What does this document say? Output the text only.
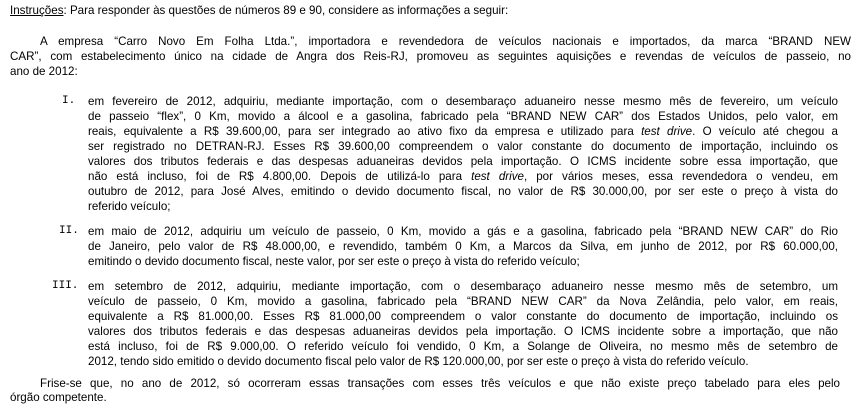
Instruções: Para responder às questões de números 89 e 90, considere as informações a seguir:
A empresa “Carro Novo Em Folha Ltda.”, importadora e revendedora de veículos nacionais e importados, da marca “BRAND NEW
CAR”, com estabelecimento único na cidade de Angra dos Reis-RJ, promoveu as seguintes aquisições e revendas de veículos de passeio, no
ano de 2012:
I. em fevereiro de 2012, adquiriu, mediante importação, com o desembaraço aduaneiro nesse mesmo mês de fevereiro, um veículo
de passeio “flex”, 0 Km, movido a álcool e a gasolina, fabricado pela “BRAND NEW CAR” dos Estados Unidos, pelo valor, em
reais, equivalente a R$ 39.600,00, para ser integrado ao ativo fixo da empresa e utilizado para test drive. O veículo até chegou a
ser registrado no DETRAN-RJ. Esses R$ 39.600,00 compreendem o valor constante do documento de importação, incluindo os
valores dos tributos federais e das despesas aduaneiras devidos pela importação. O ICMS incidente sobre essa importação, que
não está incluso, foi de R$ 4.800,00. Depois de utilizá-lo para test drive, por vários meses, essa revendedora o vendeu, em
outubro de 2012, para José Alves, emitindo o devido documento fiscal, no valor de R$ 30.000,00, por ser este o preço à vista do
referido veículo;
II. em maio de 2012, adquiriu um veículo de passeio, 0 Km, movido a gás e a gasolina, fabricado pela “BRAND NEW CAR” do Rio
de Janeiro, pelo valor de R$ 48.000,00, e revendido, também 0 Km, a Marcos da Silva, em junho de 2012, por R$ 60.000,00,
emitindo o devido documento fiscal, neste valor, por ser este o preço à vista do referido veículo;
III. em setembro de 2012, adquiriu, mediante importação, com o desembaraço aduaneiro nesse mesmo mês de setembro, um
veículo de passeio, 0 Km, movido a gasolina, fabricado pela “BRAND NEW CAR” da Nova Zelândia, pelo valor, em reais,
equivalente a R$ 81.000,00. Esses R$ 81.000,00 compreendem o valor constante do documento de importação, incluindo os
valores dos tributos federais e das despesas aduaneiras devidos pela importação. O ICMS incidente sobre a importação, que não
está incluso, foi de R$ 9.000,00. O referido veículo foi vendido, 0 Km, a Solange de Oliveira, no mesmo mês de setembro de
2012, tendo sido emitido o devido documento fiscal pelo valor de R$ 120.000,00, por ser este o preço à vista do referido veículo.
Frise-se que, no ano de 2012, só ocorreram essas transações com esses três veículos e que não existe preço tabelado para eles pelo
órgão competente.
